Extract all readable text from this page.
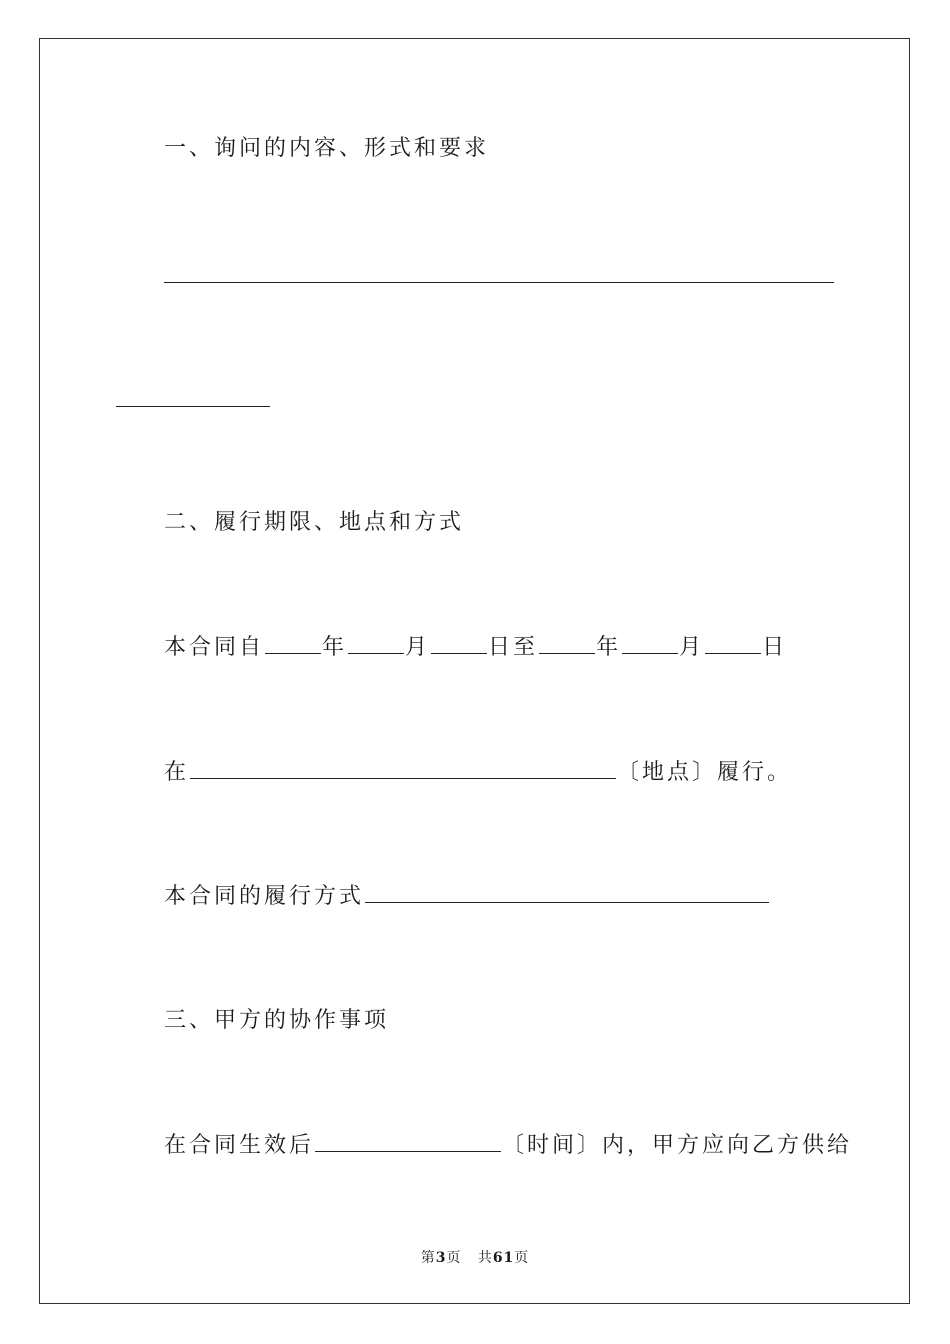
一、询问的内容、形式和要求
二、履行期限、地点和方式
本合同自	年	月	日至	年	月	日
在	〔地点〕履行。
本合同的履行方式
三、甲方的协作事项
在合同生效后	〔时间〕内，甲方应向乙方供给
第3页 共61页
